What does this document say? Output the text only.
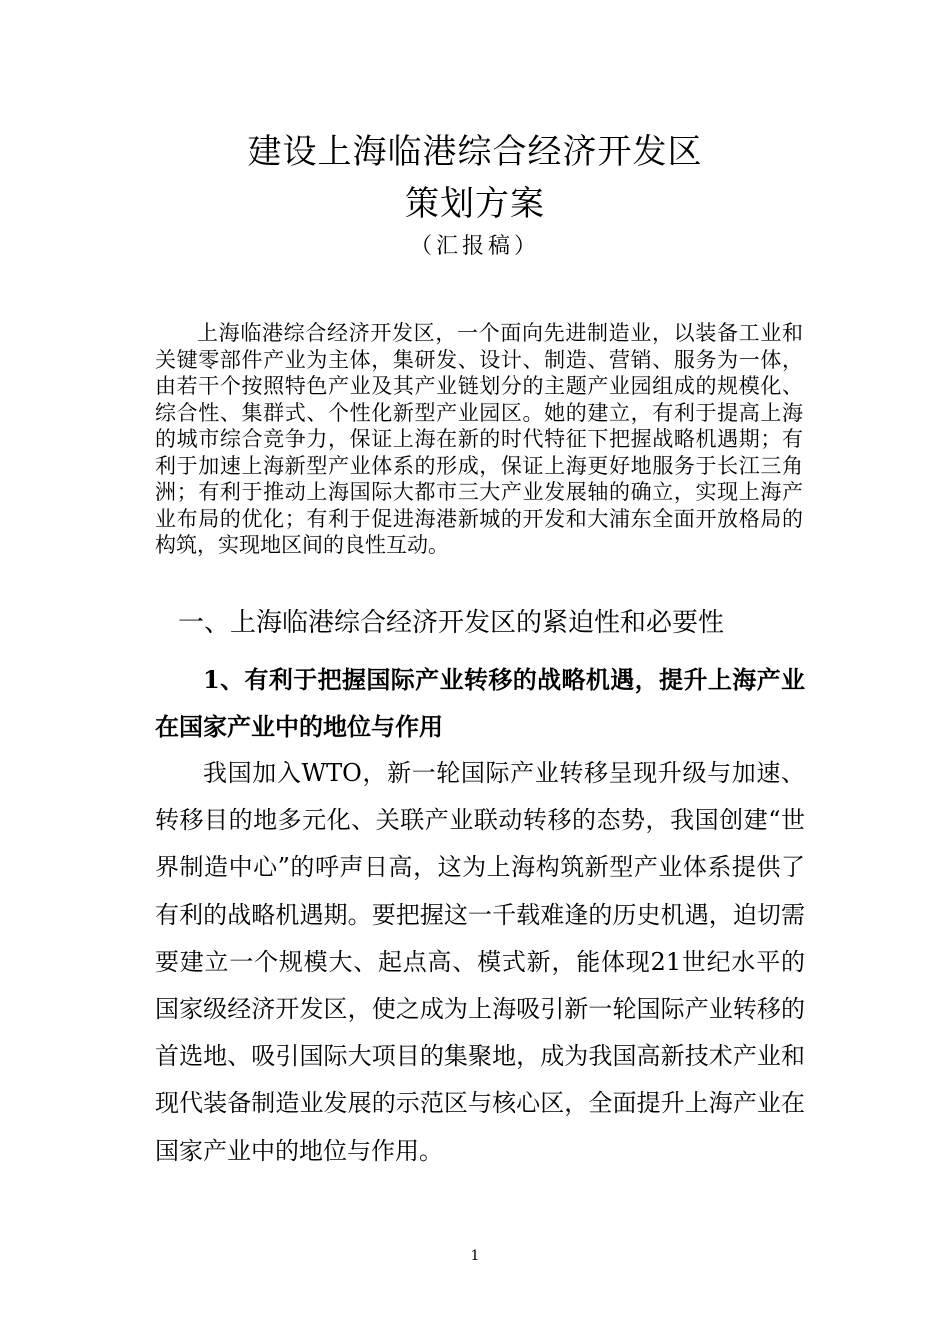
建设上海临港综合经济开发区
策划方案
（汇报稿）

上海临港综合经济开发区，一个面向先进制造业，以装备工业和关键零部件产业为主体，集研发、设计、制造、营销、服务为一体，由若干个按照特色产业及其产业链划分的主题产业园组成的规模化、综合性、集群式、个性化新型产业园区。她的建立，有利于提高上海的城市综合竞争力，保证上海在新的时代特征下把握战略机遇期；有利于加速上海新型产业体系的形成，保证上海更好地服务于长江三角洲；有利于推动上海国际大都市三大产业发展轴的确立，实现上海产业布局的优化；有利于促进海港新城的开发和大浦东全面开放格局的构筑，实现地区间的良性互动。

一、上海临港综合经济开发区的紧迫性和必要性

1、有利于把握国际产业转移的战略机遇，提升上海产业在国家产业中的地位与作用

我国加入WTO，新一轮国际产业转移呈现升级与加速、转移目的地多元化、关联产业联动转移的态势，我国创建“世界制造中心”的呼声日高，这为上海构筑新型产业体系提供了有利的战略机遇期。要把握这一千载难逢的历史机遇，迫切需要建立一个规模大、起点高、模式新，能体现21世纪水平的国家级经济开发区，使之成为上海吸引新一轮国际产业转移的首选地、吸引国际大项目的集聚地，成为我国高新技术产业和现代装备制造业发展的示范区与核心区，全面提升上海产业在国家产业中的地位与作用。

1
